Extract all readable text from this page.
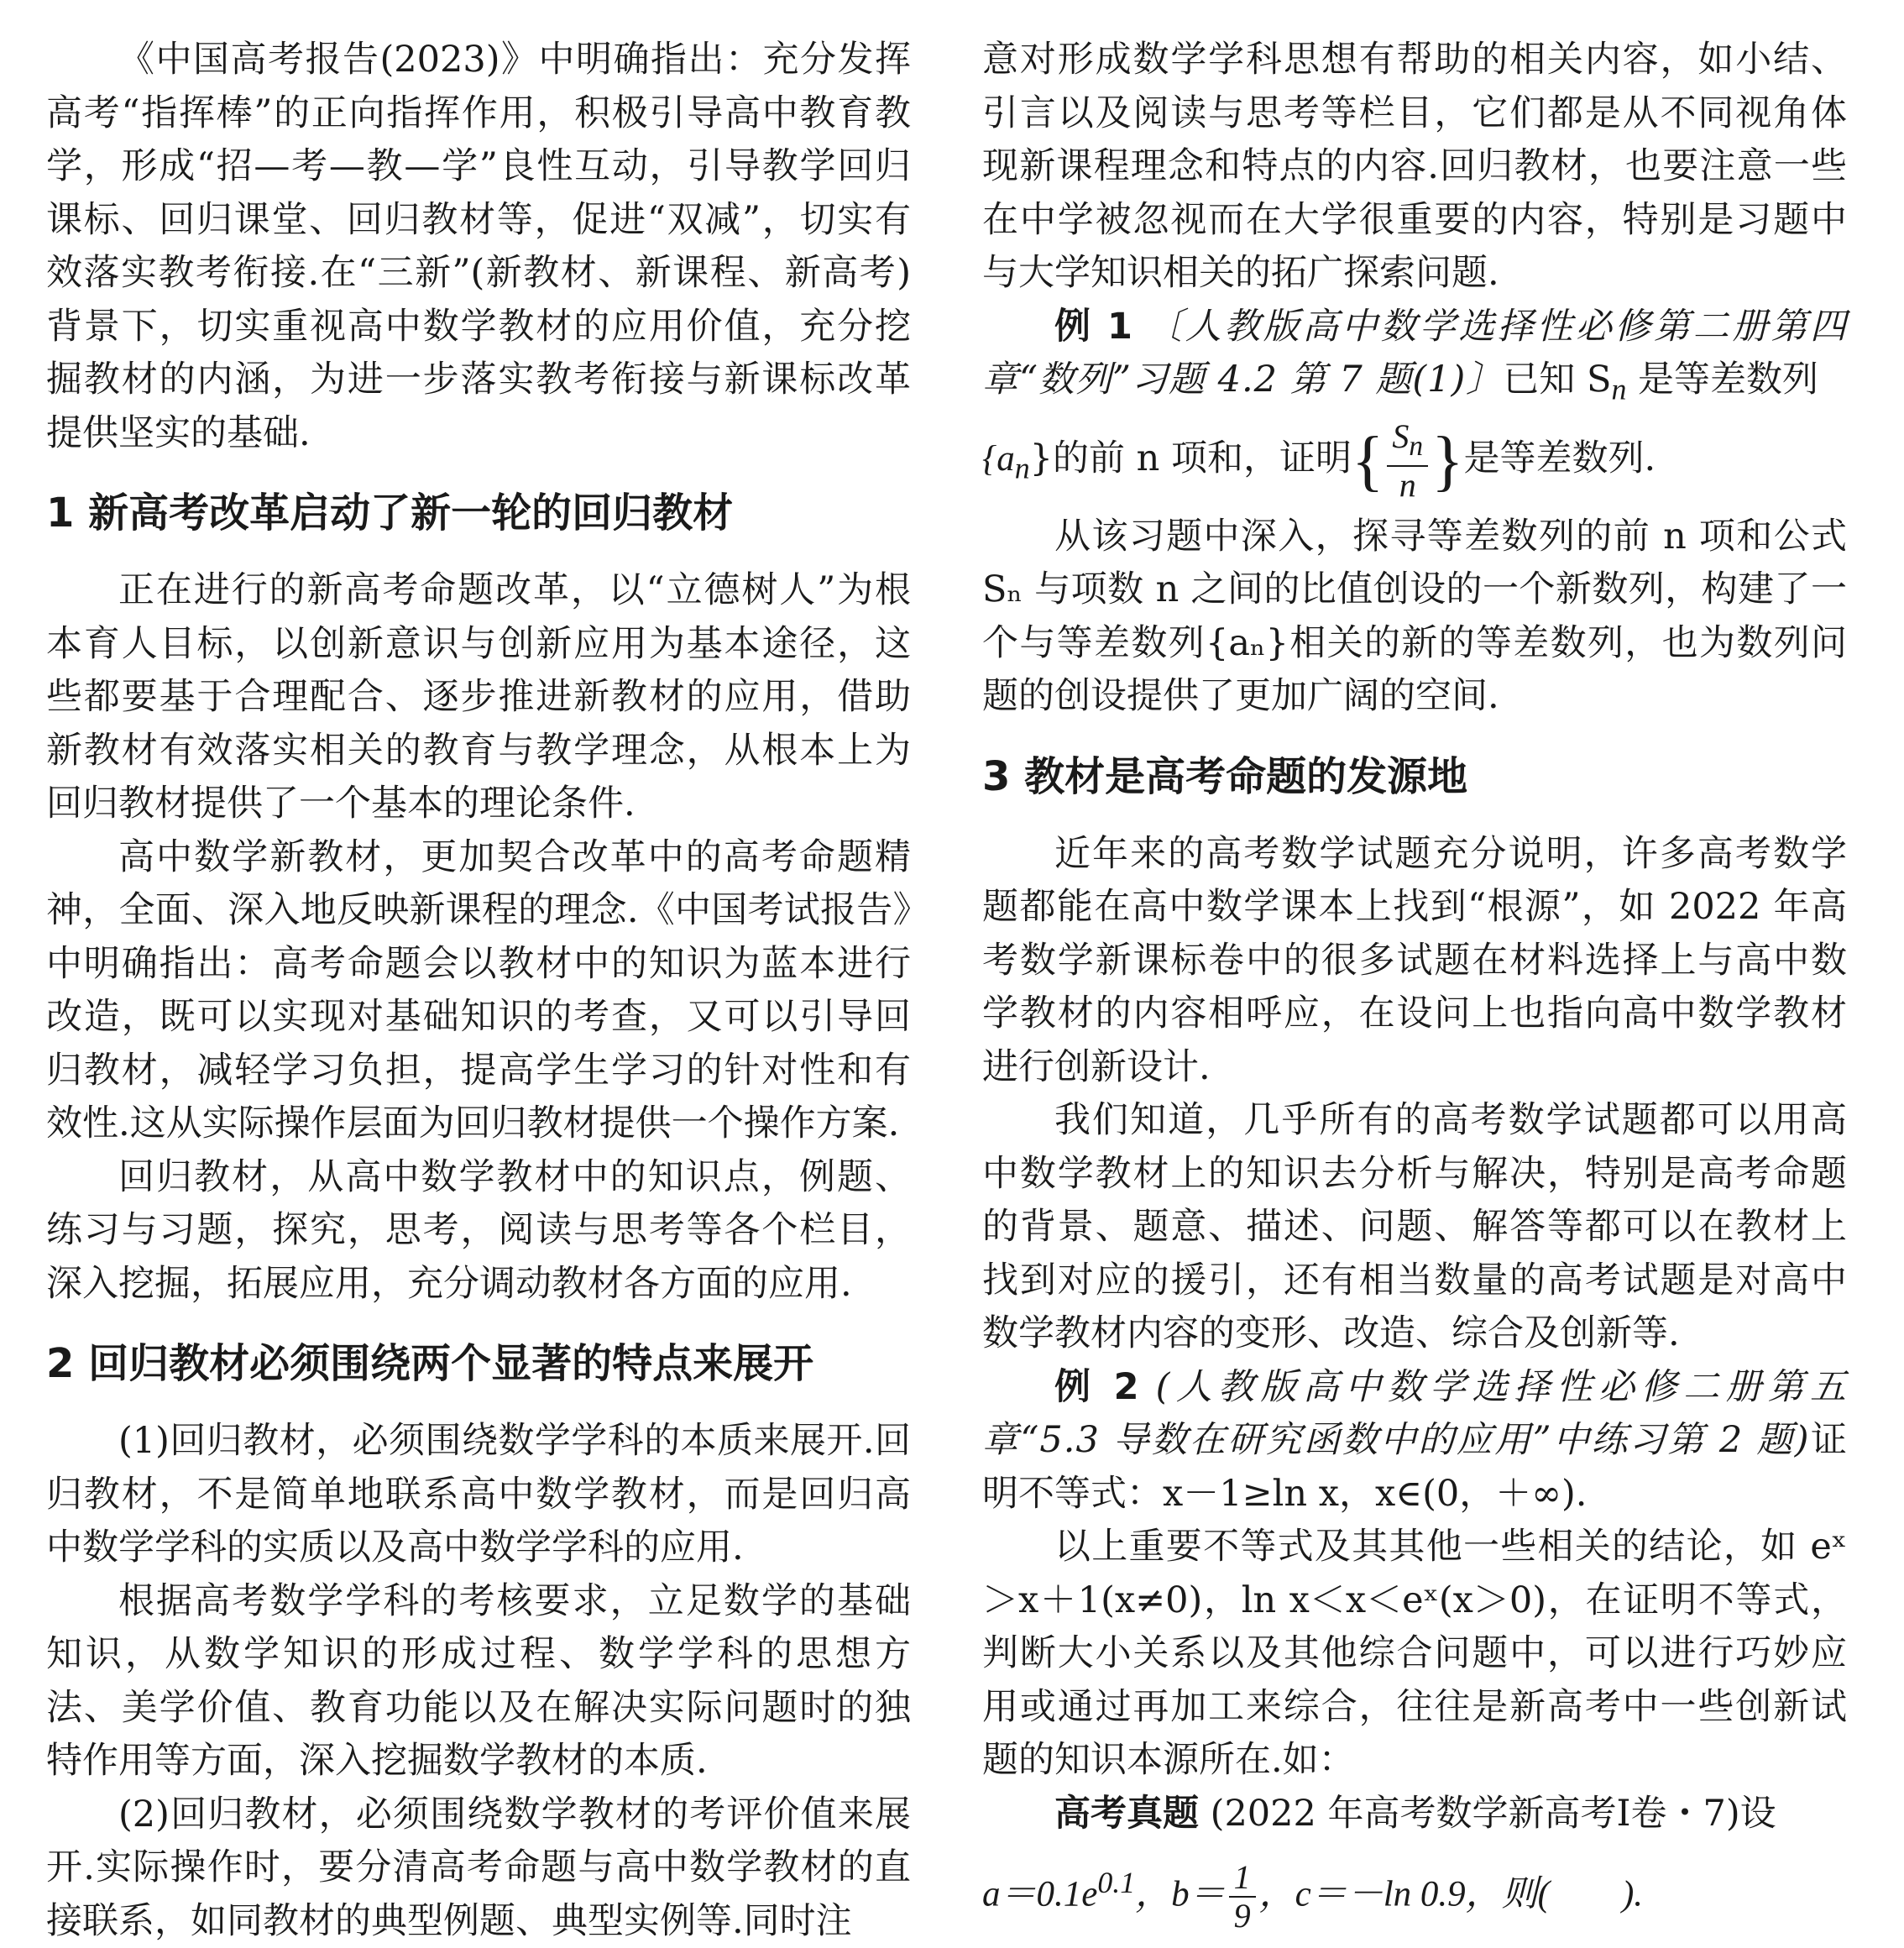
《中国高考报告(2023)》中明确指出：充分发挥高考“指挥棒”的正向指挥作用，积极引导高中教育教学，形成“招—考—教—学”良性互动，引导教学回归课标、回归课堂、回归教材等，促进“双减”，切实有效落实教考衔接.在“三新”(新教材、新课程、新高考)背景下，切实重视高中数学教材的应用价值，充分挖掘教材的内涵，为进一步落实教考衔接与新课标改革提供坚实的基础.

1 新高考改革启动了新一轮的回归教材

正在进行的新高考命题改革，以“立德树人”为根本育人目标，以创新意识与创新应用为基本途径，这些都要基于合理配合、逐步推进新教材的应用，借助新教材有效落实相关的教育与教学理念，从根本上为回归教材提供了一个基本的理论条件.

高中数学新教材，更加契合改革中的高考命题精神，全面、深入地反映新课程的理念.《中国考试报告》中明确指出：高考命题会以教材中的知识为蓝本进行改造，既可以实现对基础知识的考查，又可以引导回归教材，减轻学习负担，提高学生学习的针对性和有效性.这从实际操作层面为回归教材提供一个操作方案.

回归教材，从高中数学教材中的知识点，例题、练习与习题，探究，思考，阅读与思考等各个栏目，深入挖掘，拓展应用，充分调动教材各方面的应用.

2 回归教材必须围绕两个显著的特点来展开

(1)回归教材，必须围绕数学学科的本质来展开.回归教材，不是简单地联系高中数学教材，而是回归高中数学学科的实质以及高中数学学科的应用.

根据高考数学学科的考核要求，立足数学的基础知识，从数学知识的形成过程、数学学科的思想方法、美学价值、教育功能以及在解决实际问题时的独特作用等方面，深入挖掘数学教材的本质.

(2)回归教材，必须围绕数学教材的考评价值来展开.实际操作时，要分清高考命题与高中数学教材的直接联系，如同教材的典型例题、典型实例等.同时注

意对形成数学学科思想有帮助的相关内容，如小结、引言以及阅读与思考等栏目，它们都是从不同视角体现新课程理念和特点的内容.回归教材，也要注意一些在中学被忽视而在大学很重要的内容，特别是习题中与大学知识相关的拓广探索问题.

例 1 〔人教版高中数学选择性必修第二册第四章“数列”习题 4.2 第 7 题(1)〕已知 $S_n$ 是等差数列

$\{a_n\}$的前 n 项和，证明{ $\frac{S_n}{n}$ }是等差数列.

从该习题中深入，探寻等差数列的前 n 项和公式 Sₙ 与项数 n 之间的比值创设的一个新数列，构建了一个与等差数列{aₙ}相关的新的等差数列，也为数列问题的创设提供了更加广阔的空间.

3 教材是高考命题的发源地

近年来的高考数学试题充分说明，许多高考数学题都能在高中数学课本上找到“根源”，如 2022 年高考数学新课标卷中的很多试题在材料选择上与高中数学教材的内容相呼应，在设问上也指向高中数学教材进行创新设计.

我们知道，几乎所有的高考数学试题都可以用高中数学教材上的知识去分析与解决，特别是高考命题的背景、题意、描述、问题、解答等都可以在教材上找到对应的援引，还有相当数量的高考试题是对高中数学教材内容的变形、改造、综合及创新等.

例 2 (人教版高中数学选择性必修二册第五章“5.3 导数在研究函数中的应用”中练习第 2 题)证明不等式：x－1≥ln x，x∈(0，＋∞).

以上重要不等式及其其他一些相关的结论，如 eˣ＞x＋1(x≠0)，ln x＜x＜eˣ(x＞0)，在证明不等式，判断大小关系以及其他综合问题中，可以进行巧妙应用或通过再加工来综合，往往是新高考中一些创新试题的知识本源所在.如：

高考真题 (2022 年高考数学新高考Ⅰ卷・7)设

$a=0.1e^{0.1}$，$b= \frac{1}{9}$ ，c＝－ln 0.9，则(　　).
